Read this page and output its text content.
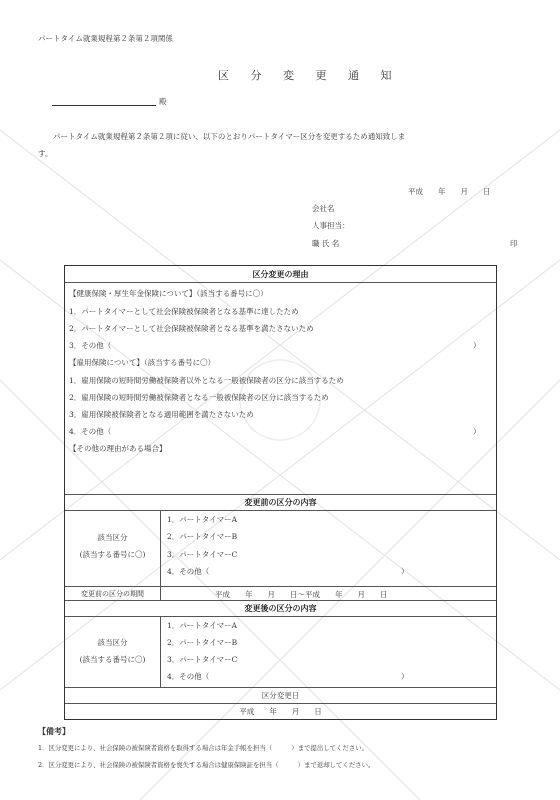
パートタイム就業規程第２条第２項関係
区 分 変 更 通 知
殿
パートタイム就業規程第２条第２項に従い、以下のとおりパートタイマー区分を変更するため通知致しま
す。
平成　　年　　月　　日
会社名
人事担当：
職 氏 名	印
区分変更の理由
【健康保険・厚生年金保険について】（該当する番号に〇）
1．パートタイマーとして社会保険被保険者となる基準に達したため
2．パートタイマーとして社会保険被保険者となる基準を満たさないため
3．その他（	）
【雇用保険について】（該当する番号に〇）
1．雇用保険の短時間労働被保険者以外となる一般被保険者の区分に該当するため
2．雇用保険の短時間労働被保険者となる一般被保険者の区分に該当するため
3．雇用保険被保険者となる適用範囲を満たさないため
4．その他（	）
【その他の理由がある場合】
変更前の区分の内容
該当区分
(該当する番号に〇)
1．パートタイマーA
2．パートタイマーB
3．パートタイマーC
4．その他（	）
変更前の区分の期間	平成　　年　　月　　日～平成　　年　　月　　日
変更後の区分の内容
該当区分
(該当する番号に〇)
1．パートタイマーA
2．パートタイマーB
3．パートタイマーC
4．その他（	）
区分変更日
平成　　年　　月　　日
【備考】
1．区分変更により、社会保険の被保険者資格を取得する場合は年金手帳を担当（　　　）まで提出してください。
2．区分変更により、社会保険の被保険者資格を喪失する場合は健康保険証を担当（　　　）まで返却してください。
